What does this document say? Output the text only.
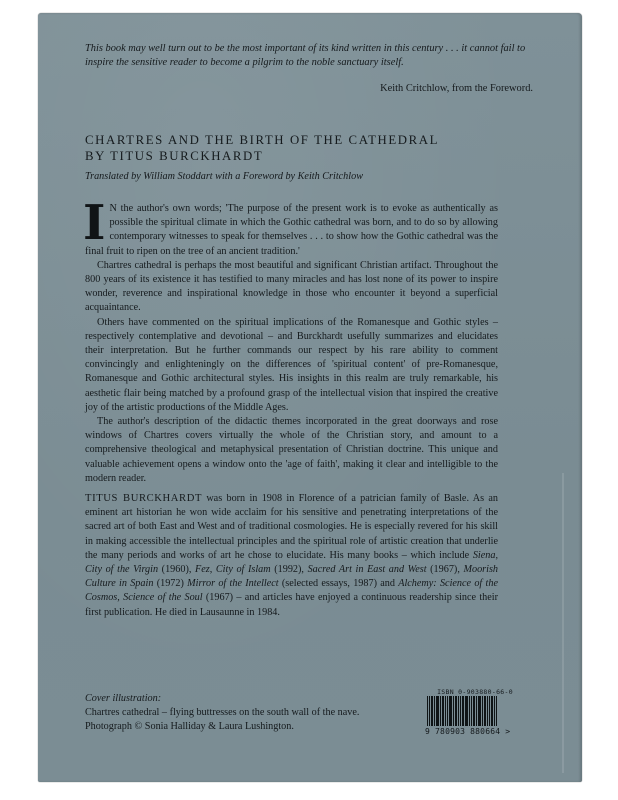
This book may well turn out to be the most important of its kind written in this century . . . it cannot fail to inspire the sensitive reader to become a pilgrim to the noble sanctuary itself.
Keith Critchlow, from the Foreword.
CHARTRES AND THE BIRTH OF THE CATHEDRAL
BY TITUS BURCKHARDT
Translated by William Stoddart with a Foreword by Keith Critchlow

I N the author's own words; 'The purpose of the present work is to evoke as authentically as possible the spiritual climate in which the Gothic cathedral was born, and to do so by allowing contemporary witnesses to speak for themselves . . . to show how the Gothic cathedral was the final fruit to ripen on the tree of an ancient tradition.'

Chartres cathedral is perhaps the most beautiful and significant Christian artifact. Throughout the 800 years of its existence it has testified to many miracles and has lost none of its power to inspire wonder, reverence and inspirational knowledge in those who encounter it beyond a superficial acquaintance.

Others have commented on the spiritual implications of the Romanesque and Gothic styles – respectively contemplative and devotional – and Burckhardt usefully summarizes and elucidates their interpretation. But he further commands our respect by his rare ability to comment convincingly and enlighteningly on the differences of 'spiritual content' of pre-Romanesque, Romanesque and Gothic architectural styles. His insights in this realm are truly remarkable, his aesthetic flair being matched by a profound grasp of the intellectual vision that inspired the creative joy of the artistic productions of the Middle Ages.

The author's description of the didactic themes incorporated in the great doorways and rose windows of Chartres covers virtually the whole of the Christian story, and amount to a comprehensive theological and metaphysical presentation of Christian doctrine. This unique and valuable achievement opens a window onto the 'age of faith', making it clear and intelligible to the modern reader.

TITUS BURCKHARDT was born in 1908 in Florence of a patrician family of Basle. As an eminent art historian he won wide acclaim for his sensitive and penetrating interpretations of the sacred art of both East and West and of traditional cosmologies. He is especially revered for his skill in making accessible the intellectual principles and the spiritual role of artistic creation that underlie the many periods and works of art he chose to elucidate. His many books – which include Siena, City of the Virgin (1960), Fez, City of Islam (1992), Sacred Art in East and West (1967), Moorish Culture in Spain (1972) Mirror of the Intellect (selected essays, 1987) and Alchemy: Science of the Cosmos, Science of the Soul (1967) – and articles have enjoyed a continuous readership since their first publication. He died in Lausaunne in 1984.

Cover illustration:
Chartres cathedral – flying buttresses on the south wall of the nave.
Photograph © Sonia Halliday & Laura Lushington.
ISBN 0-903880-66-0
9 780903 880664 >
